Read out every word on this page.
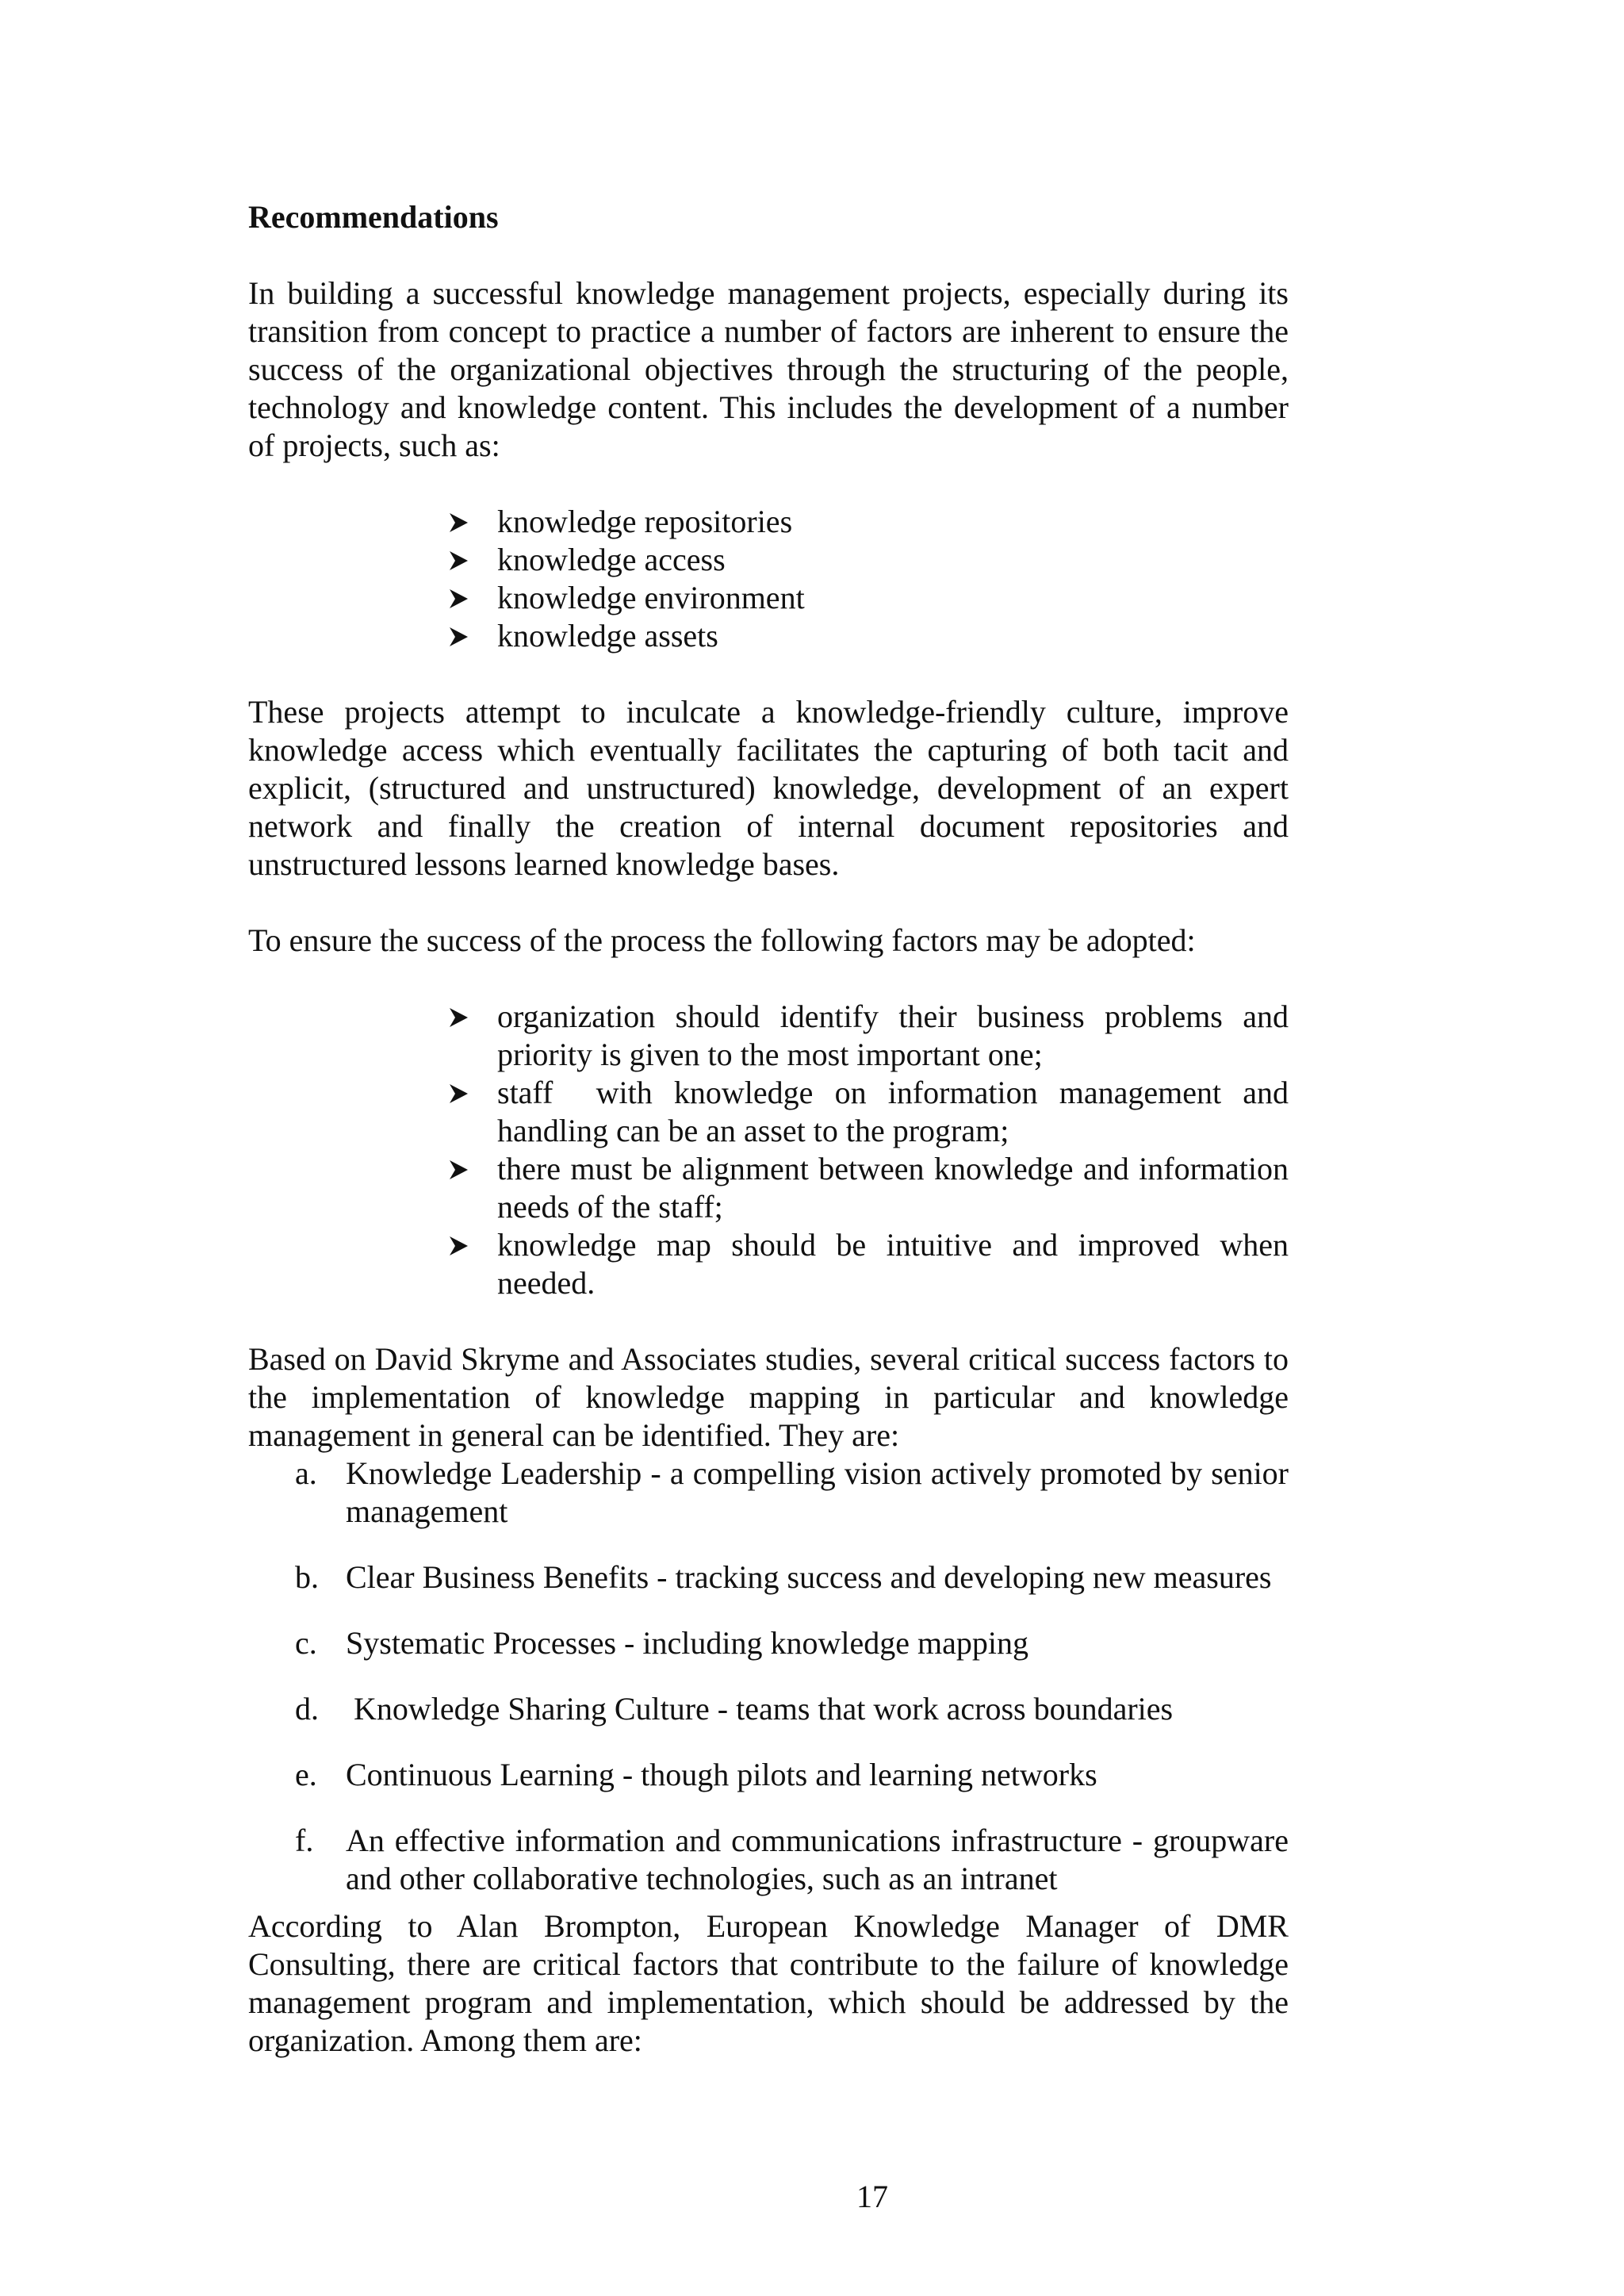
Recommendations

In building a successful knowledge management projects, especially during its transition from concept to practice a number of factors are inherent to ensure the success of the organizational objectives through the structuring of the people, technology and knowledge content. This includes the development of a number of projects, such as:

knowledge repositories
knowledge access
knowledge environment
knowledge assets

These projects attempt to inculcate a knowledge-friendly culture, improve knowledge access which eventually facilitates the capturing of both tacit and explicit, (structured and unstructured) knowledge, development of an expert network and finally the creation of internal document repositories and unstructured lessons learned knowledge bases.

To ensure the success of the process the following factors may be adopted:

organization should identify their business problems and priority is given to the most important one;
staff  with knowledge on information management and handling can be an asset to the program;
there must be alignment between knowledge and information needs of the staff;
knowledge map should be intuitive and improved when needed.

Based on David Skryme and Associates studies, several critical success factors to the implementation of knowledge mapping in particular and knowledge management in general can be identified. They are:

a. Knowledge Leadership - a compelling vision actively promoted by senior management
b. Clear Business Benefits - tracking success and developing new measures
c. Systematic Processes - including knowledge mapping
d. Knowledge Sharing Culture - teams that work across boundaries
e. Continuous Learning - though pilots and learning networks
f. An effective information and communications infrastructure - groupware and other collaborative technologies, such as an intranet

According to Alan Brompton, European Knowledge Manager of DMR Consulting, there are critical factors that contribute to the failure of knowledge management program and implementation, which should be addressed by the organization. Among them are:

17
